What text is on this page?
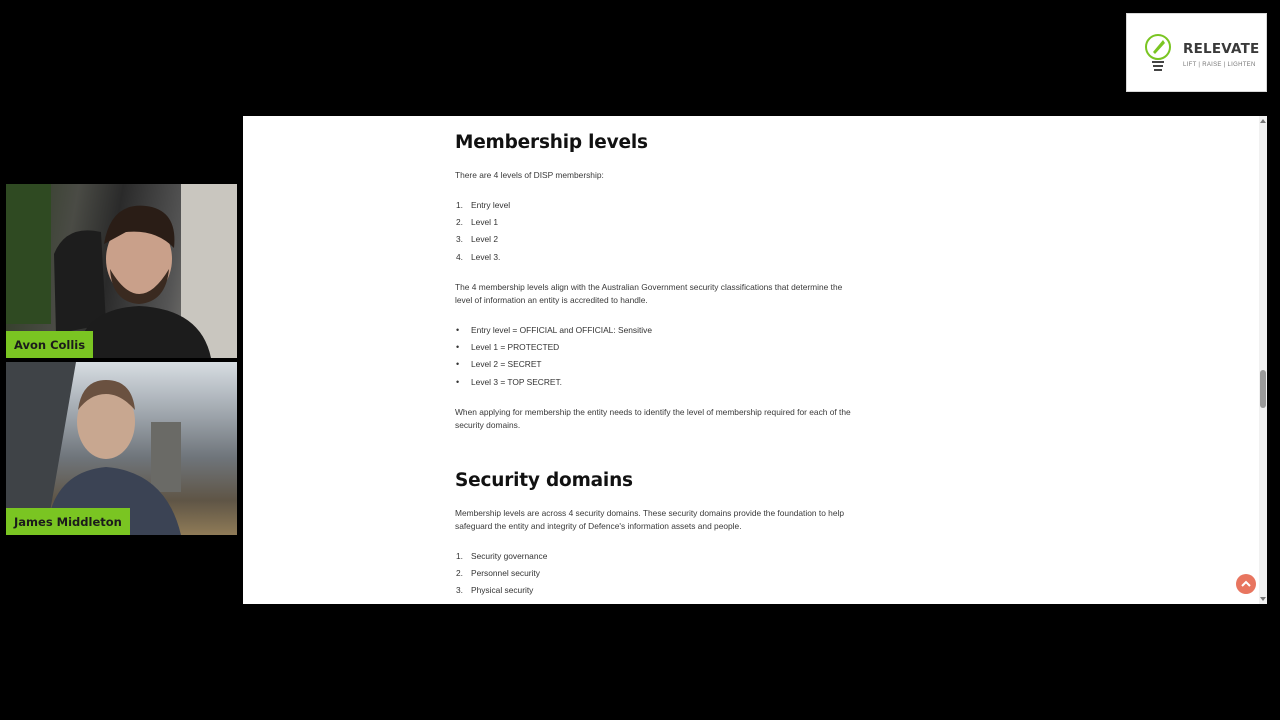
RELEVATE
LIFT | RAISE | LIGHTEN
Avon Collis
James Middleton
Membership levels

There are 4 levels of DISP membership:

1. Entry level
2. Level 1
3. Level 2
4. Level 3.

The 4 membership levels align with the Australian Government security classifications that determine the level of information an entity is accredited to handle.

• Entry level = OFFICIAL and OFFICIAL: Sensitive
• Level 1 = PROTECTED
• Level 2 = SECRET
• Level 3 = TOP SECRET.

When applying for membership the entity needs to identify the level of membership required for each of the security domains.

Security domains

Membership levels are across 4 security domains. These security domains provide the foundation to help safeguard the entity and integrity of Defence's information assets and people.

1. Security governance
2. Personnel security
3. Physical security
